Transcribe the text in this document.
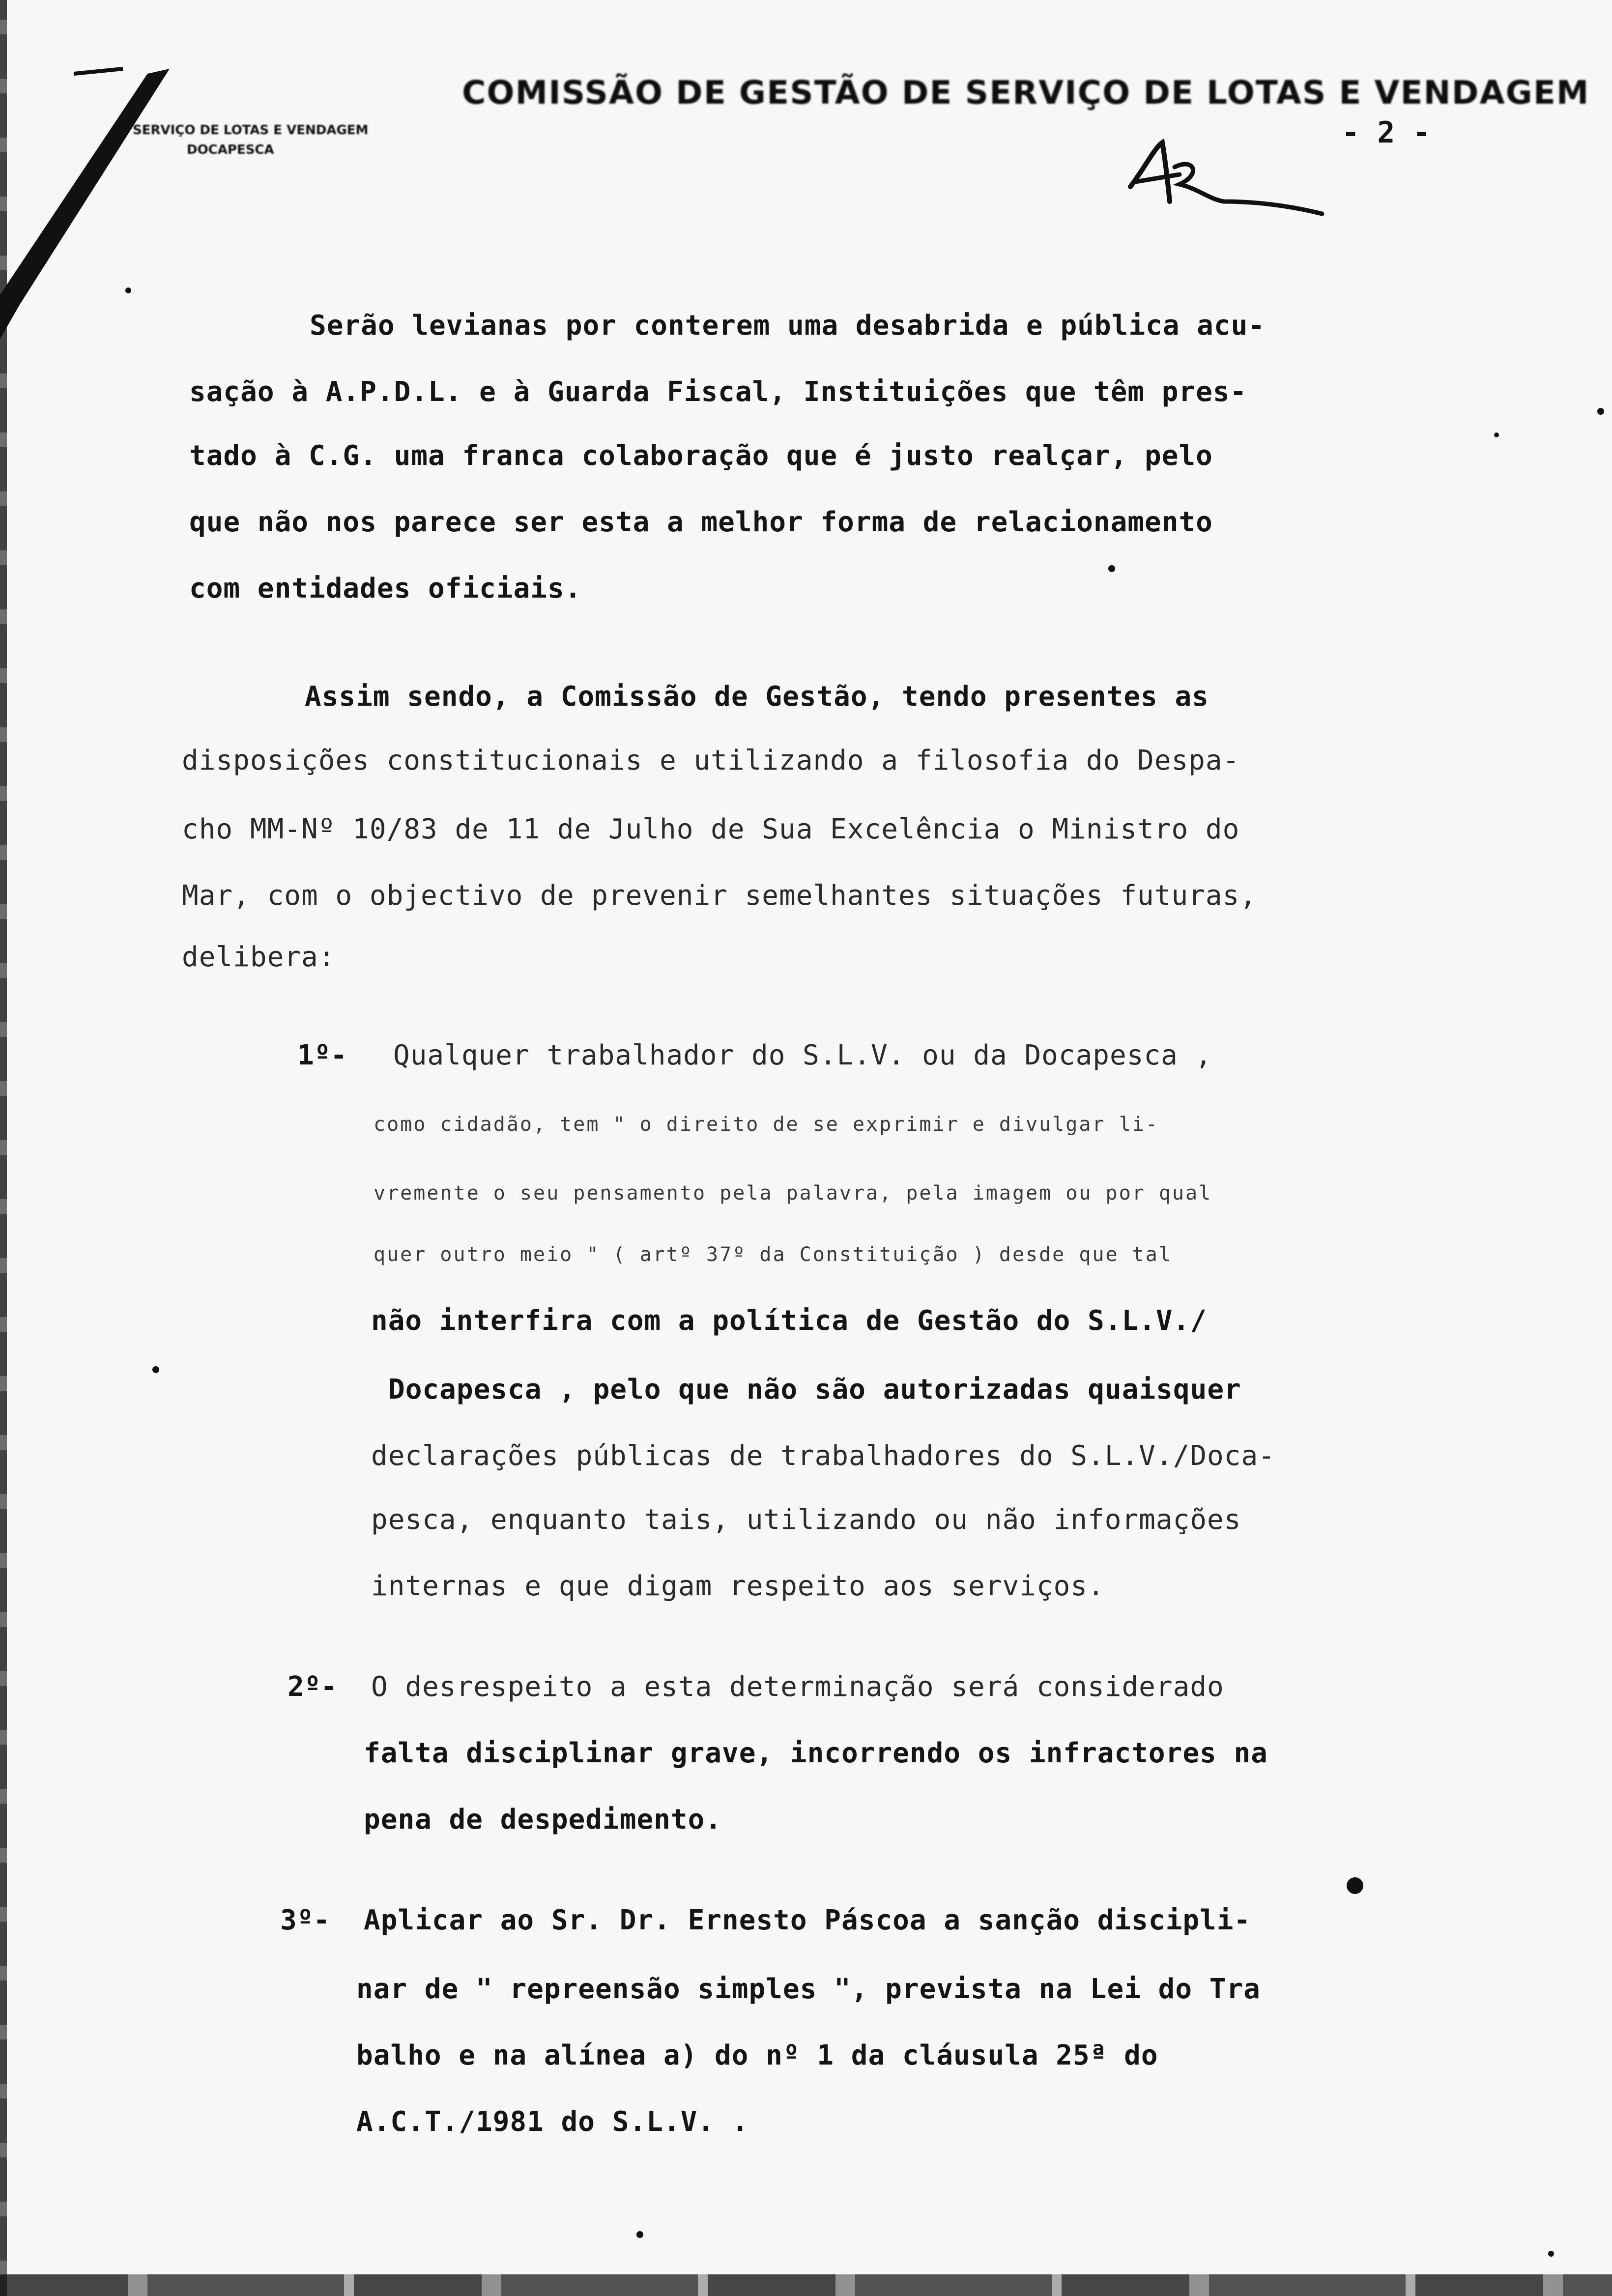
COMISSÃO DE GESTÃO DE SERVIÇO DE LOTAS E VENDAGEM
SERVIÇO DE LOTAS E VENDAGEM
DOCAPESCA	- 2 -
Serão levianas por conterem uma desabrida e pública acu-
sação à A.P.D.L. e à Guarda Fiscal, Instituições que têm pres-
tado à C.G. uma franca colaboração que é justo realçar, pelo
que não nos parece ser esta a melhor forma de relacionamento
com entidades oficiais.
Assim sendo, a Comissão de Gestão, tendo presentes as
disposições constitucionais e utilizando a filosofia do Despa-
cho MM-Nº 10/83 de 11 de Julho de Sua Excelência o Ministro do
Mar, com o objectivo de prevenir semelhantes situações futuras,
delibera:
1º- Qualquer trabalhador do S.L.V. ou da Docapesca ,
como cidadão, tem " o direito de se exprimir e divulgar li-
vremente o seu pensamento pela palavra, pela imagem ou por qual
quer outro meio " ( artº 37º da Constituição ) desde que tal
não interfira com a política de Gestão do S.L.V./
Docapesca , pelo que não são autorizadas quaisquer
declarações públicas de trabalhadores do S.L.V./Doca-
pesca, enquanto tais, utilizando ou não informações
internas e que digam respeito aos serviços.
2º- O desrespeito a esta determinação será considerado
falta disciplinar grave, incorrendo os infractores na
pena de despedimento.
3º- Aplicar ao Sr. Dr. Ernesto Páscoa a sanção discipli-
nar de " repreensão simples ", prevista na Lei do Tra
balho e na alínea a) do nº 1 da cláusula 25ª do
A.C.T./1981 do S.L.V. .
